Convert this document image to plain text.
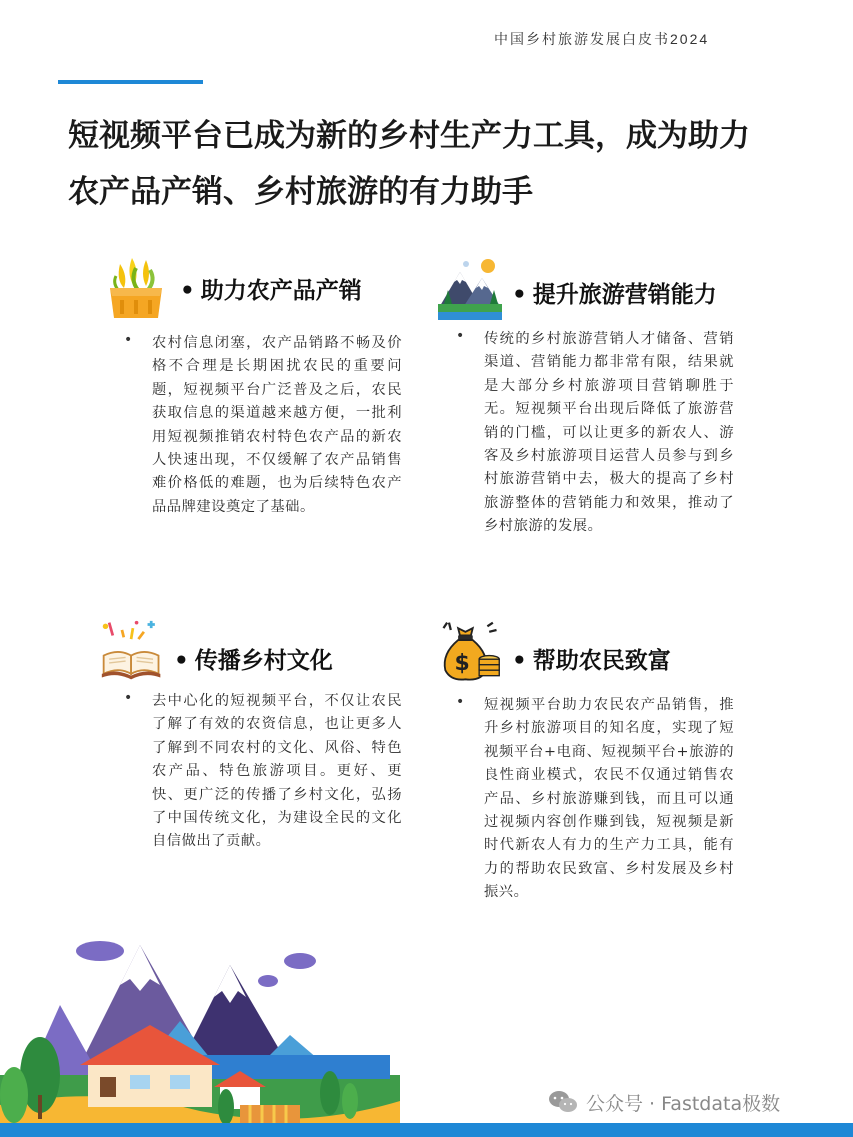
中国乡村旅游发展白皮书2024
短视频平台已成为新的乡村生产力工具，成为助力
农产品产销、乡村旅游的有力助手
• 助力农产品产销
• 农村信息闭塞，农产品销路不畅及价格不合理是长期困扰农民的重要问题，短视频平台广泛普及之后，农民获取信息的渠道越来越方便，一批利用短视频推销农村特色农产品的新农人快速出现，不仅缓解了农产品销售难价格低的难题，也为后续特色农产品品牌建设奠定了基础。
• 提升旅游营销能力
• 传统的乡村旅游营销人才储备、营销渠道、营销能力都非常有限，结果就是大部分乡村旅游项目营销聊胜于无。短视频平台出现后降低了旅游营销的门槛，可以让更多的新农人、游客及乡村旅游项目运营人员参与到乡村旅游营销中去，极大的提高了乡村旅游整体的营销能力和效果，推动了乡村旅游的发展。
• 传播乡村文化
• 去中心化的短视频平台，不仅让农民了解了有效的农资信息，也让更多人了解到不同农村的文化、风俗、特色农产品、特色旅游项目。更好、更快、更广泛的传播了乡村文化，弘扬了中国传统文化，为建设全民的文化自信做出了贡献。
$ • 帮助农民致富
• 短视频平台助力农民农产品销售，推升乡村旅游项目的知名度，实现了短视频平台+电商、短视频平台+旅游的良性商业模式，农民不仅通过销售农产品、乡村旅游赚到钱，而且可以通过视频内容创作赚到钱，短视频是新时代新农人有力的生产力工具，能有力的帮助农民致富、乡村发展及乡村振兴。
公众号 · Fastdata极数
